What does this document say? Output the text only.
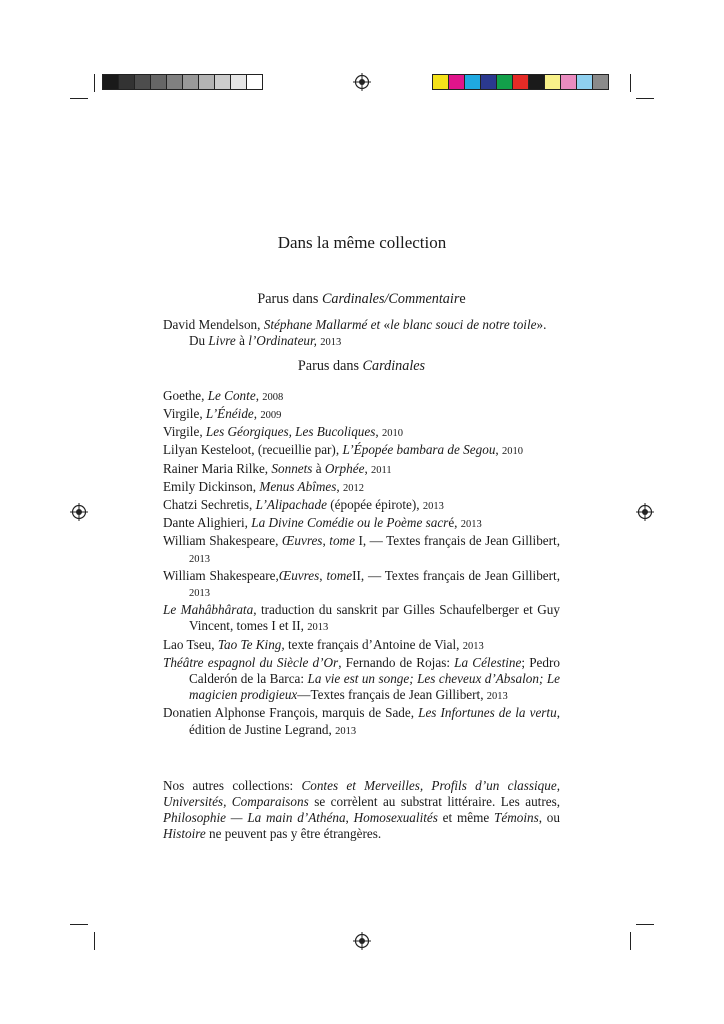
Dans la même collection
Parus dans Cardinales/Commentaire
David Mendelson, Stéphane Mallarmé et «le blanc souci de notre toile».
Du Livre à l’Ordinateur, 2013
Parus dans Cardinales
Goethe, Le Conte, 2008
Virgile, L’Énéide, 2009
Virgile, Les Géorgiques, Les Bucoliques, 2010
Lilyan Kesteloot, (recueillie par), L’Épopée bambara de Segou, 2010
Rainer Maria Rilke, Sonnets à Orphée, 2011
Emily Dickinson, Menus Abîmes, 2012
Chatzi Sechretis, L’Alipachade (épopée épirote), 2013
Dante Alighieri, La Divine Comédie ou le Poème sacré, 2013
William Shakespeare, Œuvres, tome I, — Textes français de Jean Gillibert, 2013
William Shakespeare,Œuvres, tomeII, — Textes français de Jean Gillibert, 2013
Le Mahâbhârata, traduction du sanskrit par Gilles Schaufelberger et Guy Vincent, tomes I et II, 2013
Lao Tseu, Tao Te King, texte français d’Antoine de Vial, 2013
Théâtre espagnol du Siècle d’Or, Fernando de Rojas: La Célestine; Pedro Calderón de la Barca: La vie est un songe; Les cheveux d’Absalon; Le magicien prodigieux—Textes français de Jean Gillibert, 2013
Donatien Alphonse François, marquis de Sade, Les Infortunes de la vertu, édition de Justine Legrand, 2013
Nos autres collections: Contes et Merveilles, Profils d’un classique, Universités, Comparaisons se corrèlent au substrat littéraire. Les autres, Philosophie — La main d’Athéna, Homosexualités et même Témoins, ou Histoire ne peuvent pas y être étrangères.
